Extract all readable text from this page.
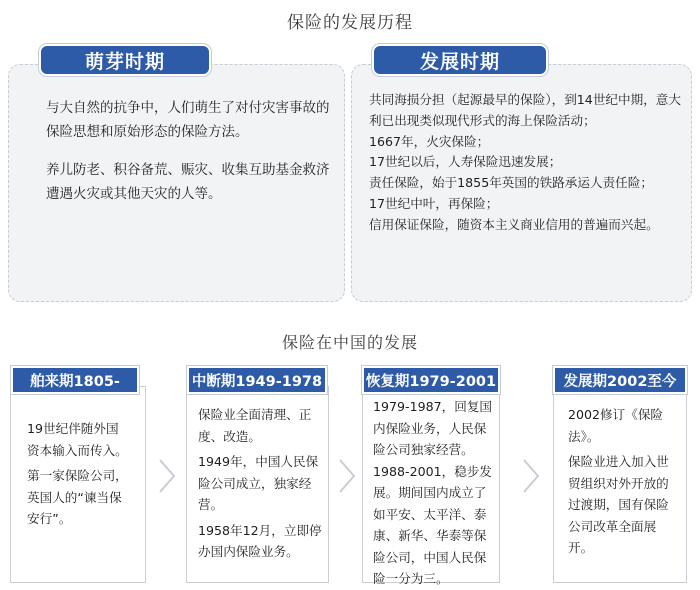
保险的发展历程
萌芽时期	发展时期

与大自然的抗争中，人们萌生了对付灾害事故的保险思想和原始形态的保险方法。

养儿防老、积谷备荒、赈灾、收集互助基金救济遭遇火灾或其他天灾的人等。

共同海损分担（起源最早的保险），到14世纪中期，意大利已出现类似现代形式的海上保险活动；
1667年，火灾保险；
17世纪以后，人寿保险迅速发展；
责任保险，始于1855年英国的铁路承运人责任险；
17世纪中叶，再保险；
信用保证保险，随资本主义商业信用的普遍而兴起。
保险在中国的发展
舶来期1805-1948
19世纪伴随外国资本输入而传入。
第一家保险公司，英国人的“谏当保安行”。
中断期1949-1978
保险业全面清理、正度、改造。
1949年，中国人民保险公司成立，独家经营。
1958年12月，立即停办国内保险业务。
恢复期1979-2001
1979-1987，回复国内保险业务，人民保险公司独家经营。
1988-2001，稳步发展。期间国内成立了如平安、太平洋、泰康、新华、华泰等保险公司，中国人民保险一分为三。
发展期2002至今
2002修订《保险法》。
保险业进入加入世贸组织对外开放的过渡期，国有保险公司改革全面展开。
